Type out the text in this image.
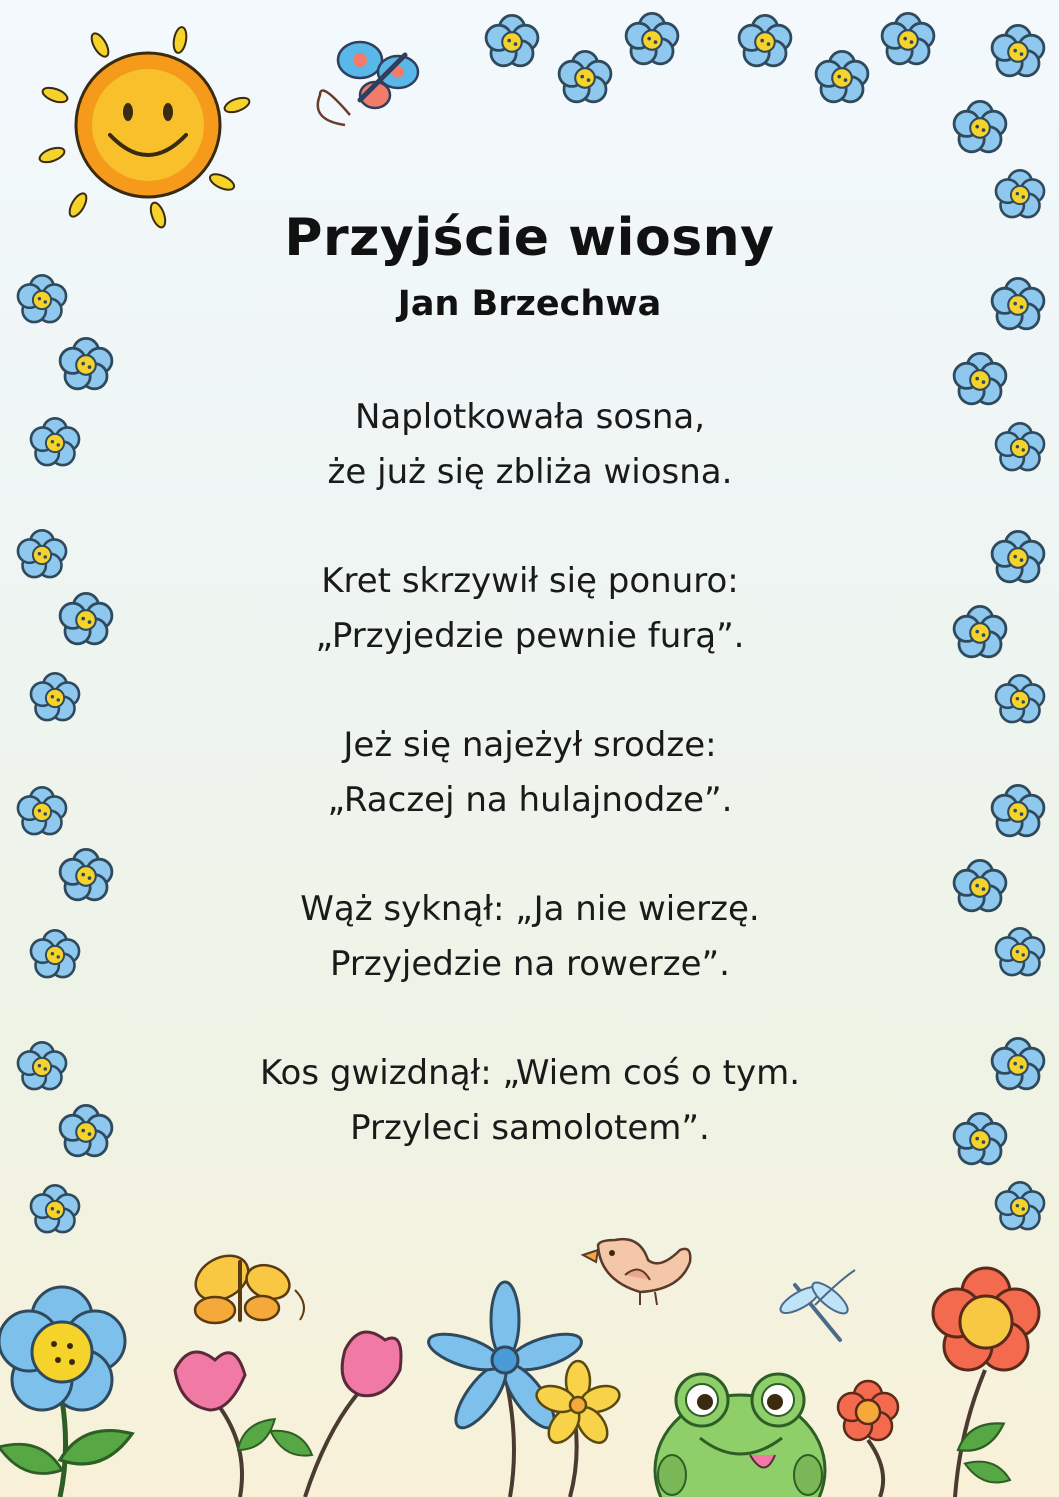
Przyjście wiosny
Jan Brzechwa
Naplotkowała sosna,
że już się zbliża wiosna.
Kret skrzywił się ponuro:
„Przyjedzie pewnie furą”.
Jeż się najeżył srodze:
„Raczej na hulajnodze”.
Wąż syknął: „Ja nie wierzę.
Przyjedzie na rowerze”.
Kos gwizdnął: „Wiem coś o tym.
Przyleci samolotem”.
